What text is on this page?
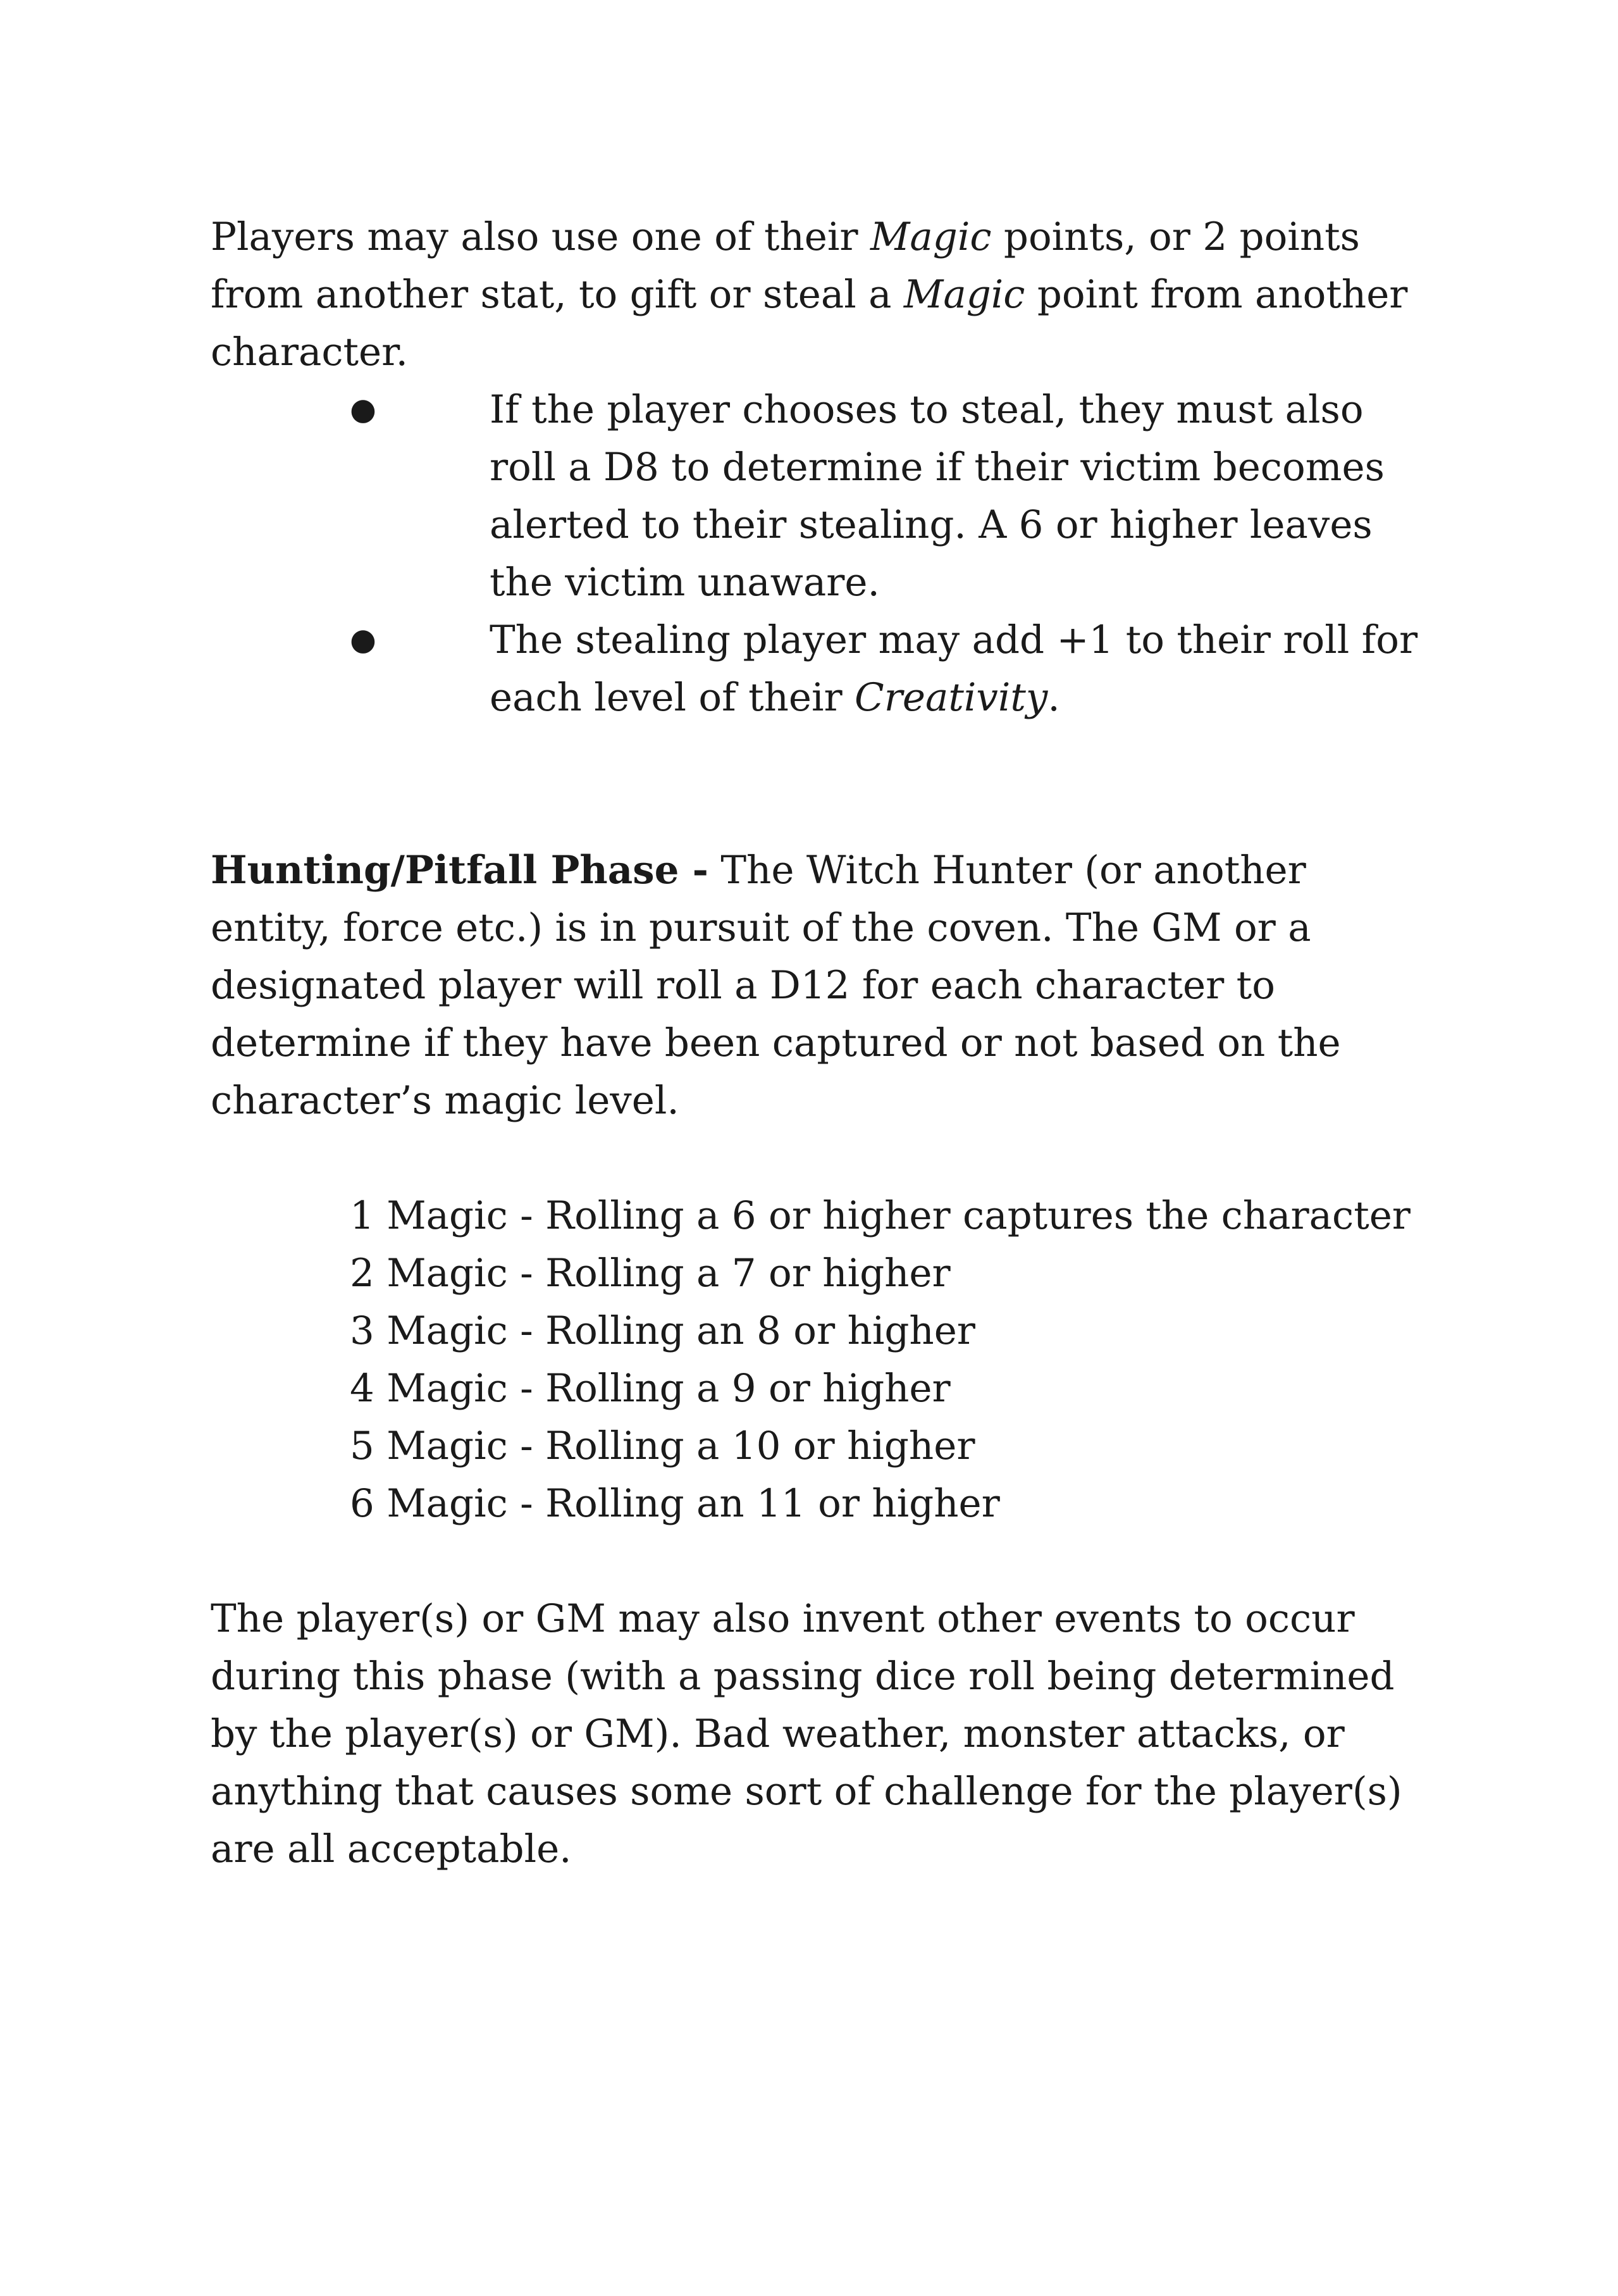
Players may also use one of their Magic points, or 2 points from another stat, to gift or steal a Magic point from another character.

●	If the player chooses to steal, they must also roll a D8 to determine if their victim becomes alerted to their stealing. A 6 or higher leaves the victim unaware.
●	The stealing player may add +1 to their roll for each level of their Creativity.

Hunting/Pitfall Phase - The Witch Hunter (or another entity, force etc.) is in pursuit of the coven. The GM or a designated player will roll a D12 for each character to determine if they have been captured or not based on the character’s magic level.

1 Magic - Rolling a 6 or higher captures the character
2 Magic - Rolling a 7 or higher
3 Magic - Rolling an 8 or higher
4 Magic - Rolling a 9 or higher
5 Magic - Rolling a 10 or higher
6 Magic - Rolling an 11 or higher

The player(s) or GM may also invent other events to occur during this phase (with a passing dice roll being determined by the player(s) or GM). Bad weather, monster attacks, or anything that causes some sort of challenge for the player(s) are all acceptable.
